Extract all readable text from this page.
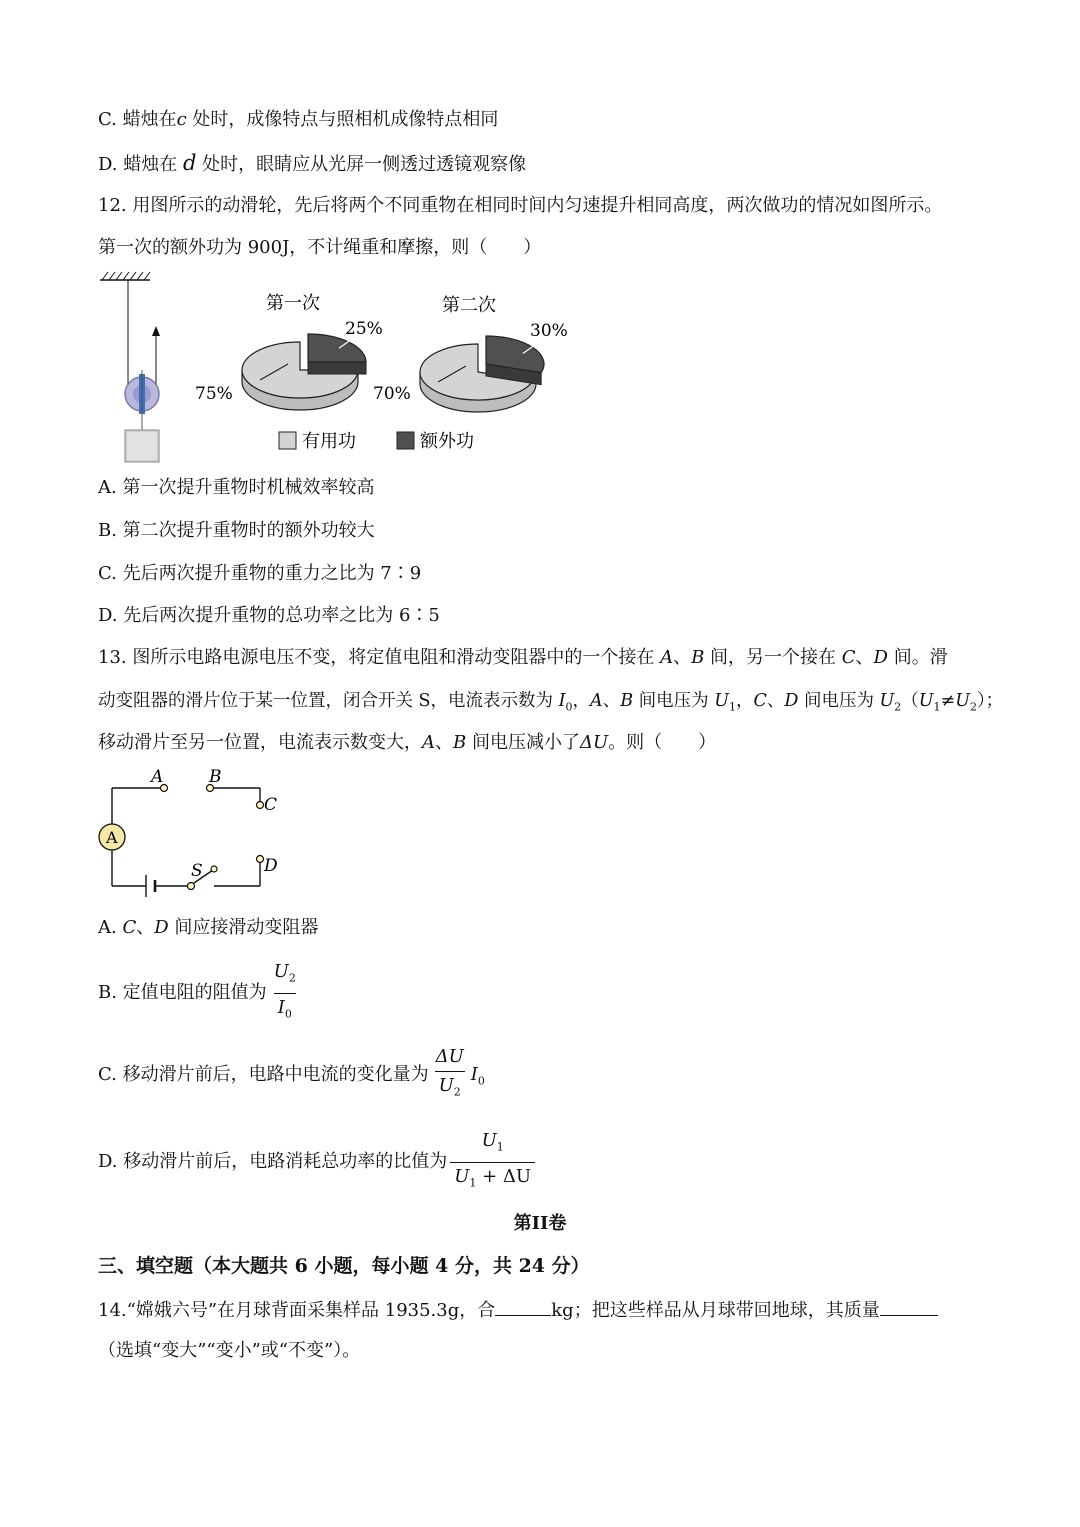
C. 蜡烛在c 处时，成像特点与照相机成像特点相同
D. 蜡烛在 d 处时，眼睛应从光屏一侧透过透镜观察像
12. 用图所示的动滑轮，先后将两个不同重物在相同时间内匀速提升相同高度，两次做功的情况如图所示。
第一次的额外功为 900J，不计绳重和摩擦，则（　　）
第一次	第二次
25%
75%
30%
70%
有用功	额外功
A. 第一次提升重物时机械效率较高
B. 第二次提升重物时的额外功较大
C. 先后两次提升重物的重力之比为 7∶9
D. 先后两次提升重物的总功率之比为 6∶5
13. 图所示电路电源电压不变，将定值电阻和滑动变阻器中的一个接在 A、B 间，另一个接在 C、D 间。滑
动变阻器的滑片位于某一位置，闭合开关 S，电流表示数为 $I_0$，A、B 间电压为 $U_1$，C、D 间电压为 $U_2(U_1\ne U_2)$；
移动滑片至另一位置，电流表示数变大，A、B 间电压减小了ΔU。则（　　）
A
A	B
C
D
S
A. C、D 间应接滑动变阻器
B. 定值电阻的阻值为 $\frac{U_2}{I_0}$
C. 移动滑片前后，电路中电流的变化量为 $\frac{\Delta U}{U_2} I_0$
D. 移动滑片前后，电路消耗总功率的比值为 $\frac{U_1}{U_1 + \Delta U}$
第II卷
三、填空题（本大题共 6 小题，每小题 4 分，共 24 分）
14.“嫦娥六号”在月球背面采集样品 1935.3g，合	kg；把这些样品从月球带回地球，其质量
（选填“变大”“变小”或“不变”）。
